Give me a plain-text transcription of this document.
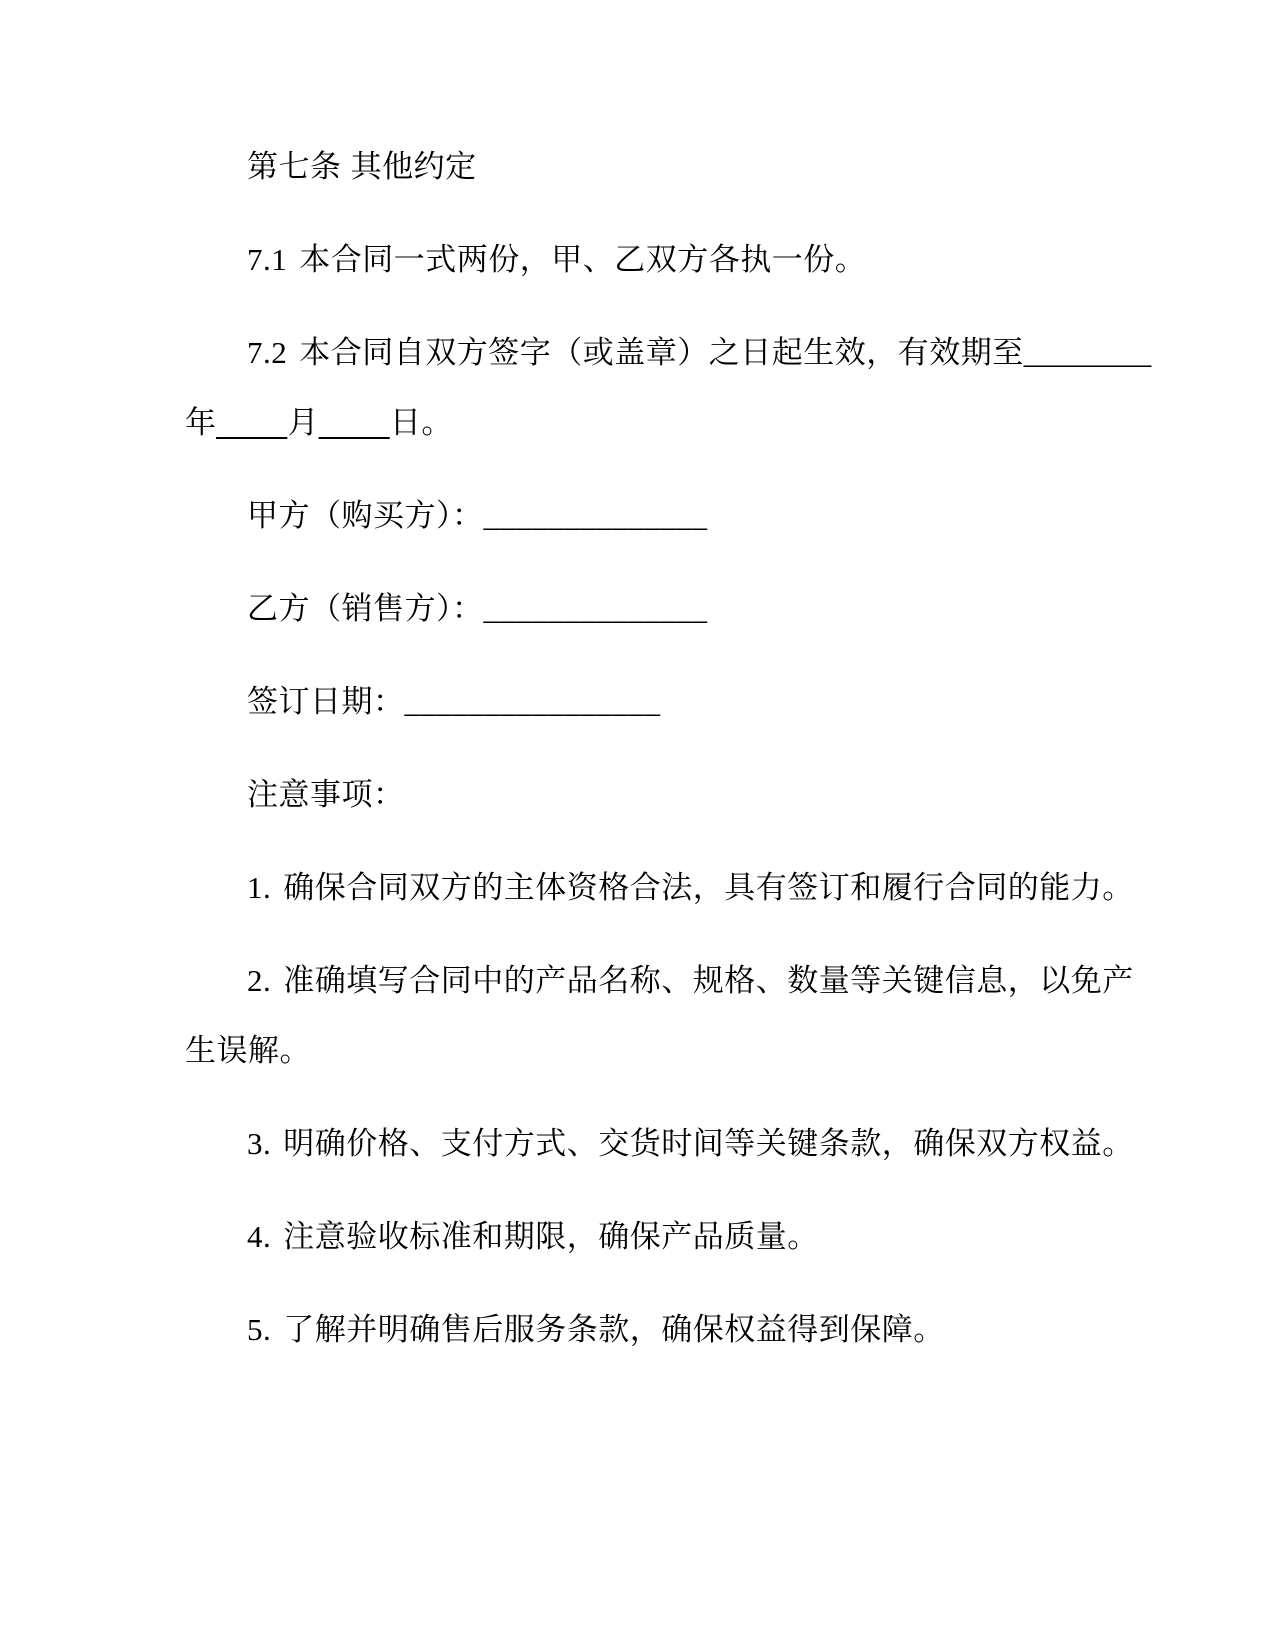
第七条 其他约定
7.1 本合同一式两份，甲、乙双方各执一份。
7.2 本合同自双方签字（或盖章）之日起生效，有效期至________
年____月____日。
甲方（购买方）：______________
乙方（销售方）：______________
签订日期：________________
注意事项：
1. 确保合同双方的主体资格合法，具有签订和履行合同的能力。
2. 准确填写合同中的产品名称、规格、数量等关键信息，以免产
生误解。
3. 明确价格、支付方式、交货时间等关键条款，确保双方权益。
4. 注意验收标准和期限，确保产品质量。
5. 了解并明确售后服务条款，确保权益得到保障。
